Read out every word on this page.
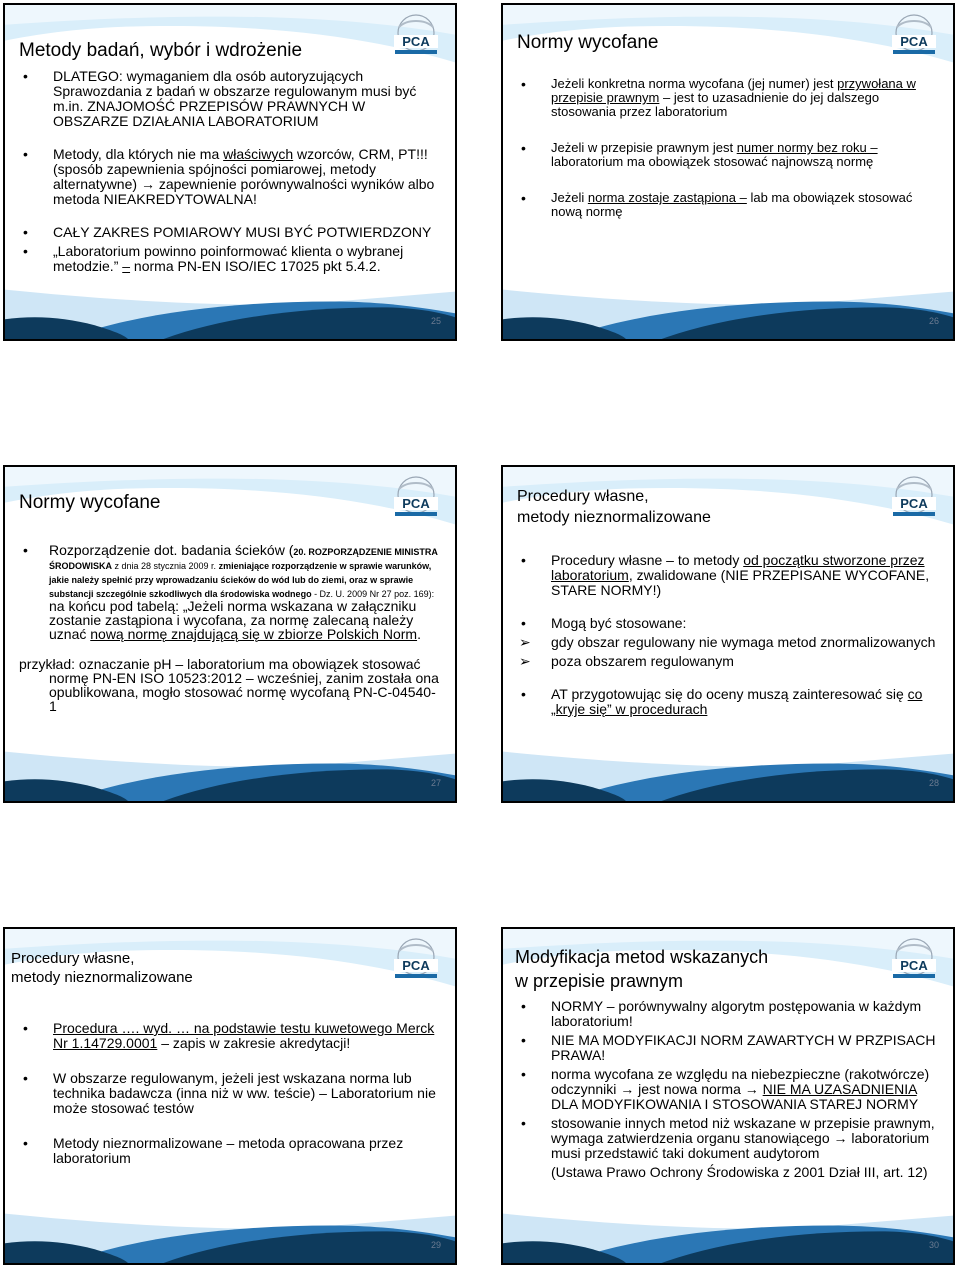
PCA
Metody badań, wybór i wdrożenie
• DLATEGO: wymaganiem dla osób autoryzujących Sprawozdania z badań w obszarze regulowanym musi być m.in. ZNAJOMOŚĆ PRZEPISÓW PRAWNYCH W OBSZARZE DZIAŁANIA LABORATORIUM
• Metody, dla których nie ma właściwych wzorców, CRM, PT!!! (sposób zapewnienia spójności pomiarowej, metody alternatywne) → zapewnienie porównywalności wyników albo metoda NIEAKREDYTOWALNA!
• CAŁY ZAKRES POMIAROWY MUSI BYĆ POTWIERDZONY
• „Laboratorium powinno poinformować klienta o wybranej metodzie.” – norma PN-EN ISO/IEC 17025 pkt 5.4.2.
25
PCA
Normy wycofane
• Jeżeli konkretna norma wycofana (jej numer) jest przywołana w przepisie prawnym – jest to uzasadnienie do jej dalszego stosowania przez laboratorium
• Jeżeli w przepisie prawnym jest numer normy bez roku – laboratorium ma obowiązek stosować najnowszą normę
• Jeżeli norma zostaje zastąpiona – lab ma obowiązek stosować nową normę
26
PCA
Normy wycofane
• Rozporządzenie dot. badania ścieków (20. ROZPORZĄDZENIE MINISTRA ŚRODOWISKA z dnia 28 stycznia 2009 r. zmieniające rozporządzenie w sprawie warunków, jakie należy spełnić przy wprowadzaniu ścieków do wód lub do ziemi, oraz w sprawie substancji szczególnie szkodliwych dla środowiska wodnego - Dz. U. 2009 Nr 27 poz. 169): na końcu pod tabelą: „Jeżeli norma wskazana w załączniku zostanie zastąpiona i wycofana, za normę zalecaną należy uznać nową normę znajdującą się w zbiorze Polskich Norm.
przykład: oznaczanie pH – laboratorium ma obowiązek stosować normę PN-EN ISO 10523:2012 – wcześniej, zanim została ona opublikowana, mogło stosować normę wycofaną PN-C-04540-1
27
PCA
Procedury własne,
metody nieznormalizowane
• Procedury własne – to metody od początku stworzone przez laboratorium, zwalidowane (NIE PRZEPISANE WYCOFANE, STARE NORMY!)
• Mogą być stosowane:
➢ gdy obszar regulowany nie wymaga metod znormalizowanych
➢ poza obszarem regulowanym
• AT przygotowując się do oceny muszą zainteresować się co „kryje się” w procedurach
28
PCA
Procedury własne,
metody nieznormalizowane
• Procedura …. wyd. … na podstawie testu kuwetowego Merck Nr 1.14729.0001 – zapis w zakresie akredytacji!
• W obszarze regulowanym, jeżeli jest wskazana norma lub technika badawcza (inna niż w ww. teście) – Laboratorium nie może stosować testów
• Metody nieznormalizowane – metoda opracowana przez laboratorium
29
PCA
Modyfikacja metod wskazanych
w przepisie prawnym
• NORMY – porównywalny algorytm postępowania w każdym laboratorium!
• NIE MA MODYFIKACJI NORM ZAWARTYCH W PRZPISACH PRAWA!
• norma wycofana ze względu na niebezpieczne (rakotwórcze) odczynniki → jest nowa norma → NIE MA UZASADNIENIA DLA MODYFIKOWANIA I STOSOWANIA STAREJ NORMY
• stosowanie innych metod niż wskazane w przepisie prawnym, wymaga zatwierdzenia organu stanowiącego → laboratorium musi przedstawić taki dokument audytorom
(Ustawa Prawo Ochrony Środowiska z 2001 Dział III, art. 12)
30
